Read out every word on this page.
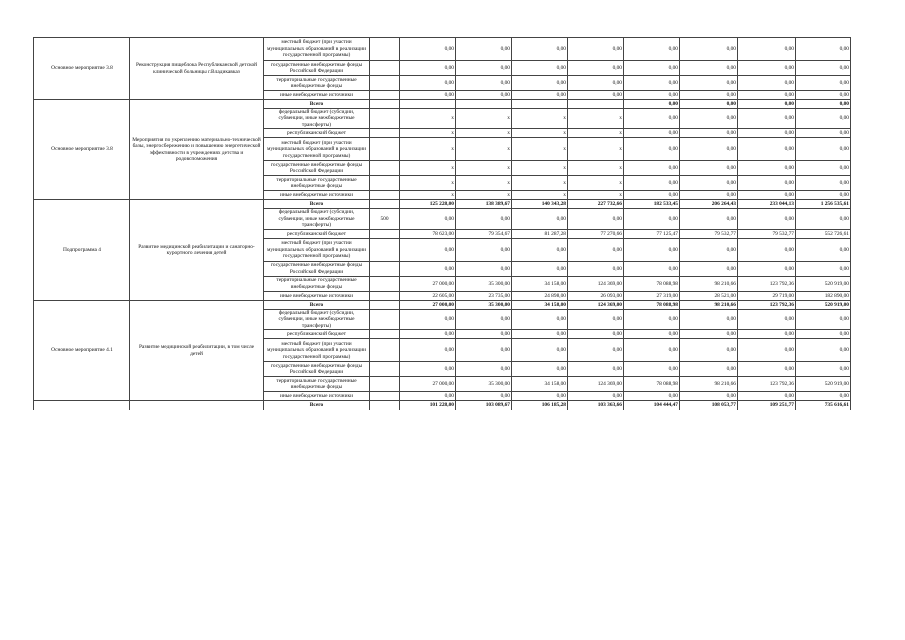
Основное мероприятие 3.8	Реконструкция пищеблока Республиканской детской клинической больницы г.Владикавказ	местный бюджет (при участии муниципальных образований в реализации государственной программы)		0,00	0,00	0,00	0,00	0,00	0,00	0,00	0,00
		государственные внебюджетные фонды Российской Федерации		0,00	0,00	0,00	0,00	0,00	0,00	0,00	0,00
		территориальные государственные внебюджетные фонды		0,00	0,00	0,00	0,00	0,00	0,00	0,00	0,00
		иные внебюджетные источники		0,00	0,00	0,00	0,00	0,00	0,00	0,00	0,00
Основное мероприятие 3.8	Мероприятия по укреплению материально-технической базы, энергосбережению и повышению энергетической эффективности в учреждениях детства и родовспоможения	Всего						0,00	0,00	0,00	0,00
		федеральный бюджет (субсидии, субвенции, иные межбюджетные трансферты)		x	x	x	x	0,00	0,00	0,00	0,00
		республиканский бюджет		x	x	x	x	0,00	0,00	0,00	0,00
		местный бюджет (при участии муниципальных образований в реализации государственной программы)		x	x	x	x	0,00	0,00	0,00	0,00
		государственные внебюджетные фонды Российской Федерации		x	x	x	x	0,00	0,00	0,00	0,00
		территориальные государственные внебюджетные фонды		x	x	x	x	0,00	0,00	0,00	0,00
		иные внебюджетные источники		x	x	x	x	0,00	0,00	0,00	0,00
Подпрограмма 4	Развитие медицинской реабилитации и санаторно-курортного лечения детей	Всего		125 228,00	138 389,67	140 343,28	227 732,66	182 533,45	206 264,43	233 044,13	1 256 535,61
		федеральный бюджет (субсидии, субвенции, иные межбюджетные трансферты)	500	0,00	0,00	0,00	0,00	0,00	0,00	0,00	0,00
		республиканский бюджет		78 623,00	79 354,67	81 287,28	77 270,66	77 125,47	79 532,77	79 532,77	552 726,61
		местный бюджет (при участии муниципальных образований в реализации государственной программы)		0,00	0,00	0,00	0,00	0,00	0,00	0,00	0,00
		государственные внебюджетные фонды Российской Федерации		0,00	0,00	0,00	0,00	0,00	0,00	0,00	0,00
		территориальные государственные внебюджетные фонды		27 000,00	35 300,00	34 158,00	124 369,00	78 088,98	98 210,66	123 792,36	520 919,00
		иные внебюджетные источники		22 605,00	23 735,00	24 898,00	26 093,00	27 319,00	28 521,00	29 719,00	182 890,00
Основное мероприятие 4.1	Развитие медицинской реабилитации, в том числе детей	Всего		27 000,00	35 300,00	34 158,00	124 369,00	78 088,98	98 210,66	123 792,36	520 919,00
		федеральный бюджет (субсидии, субвенции, иные межбюджетные трансферты)		0,00	0,00	0,00	0,00	0,00	0,00	0,00	0,00
		республиканский бюджет		0,00	0,00	0,00	0,00	0,00	0,00	0,00	0,00
		местный бюджет (при участии муниципальных образований в реализации государственной программы)		0,00	0,00	0,00	0,00	0,00	0,00	0,00	0,00
		государственные внебюджетные фонды Российской Федерации		0,00	0,00	0,00	0,00	0,00	0,00	0,00	0,00
		территориальные государственные внебюджетные фонды		27 000,00	35 300,00	34 158,00	124 369,00	78 088,98	98 210,66	123 792,36	520 919,00
		иные внебюджетные источники		0,00	0,00	0,00	0,00	0,00	0,00	0,00	0,00
		Всего		101 228,00	103 089,67	106 185,28	103 363,66	104 444,47	108 053,77	109 251,77	735 616,61
